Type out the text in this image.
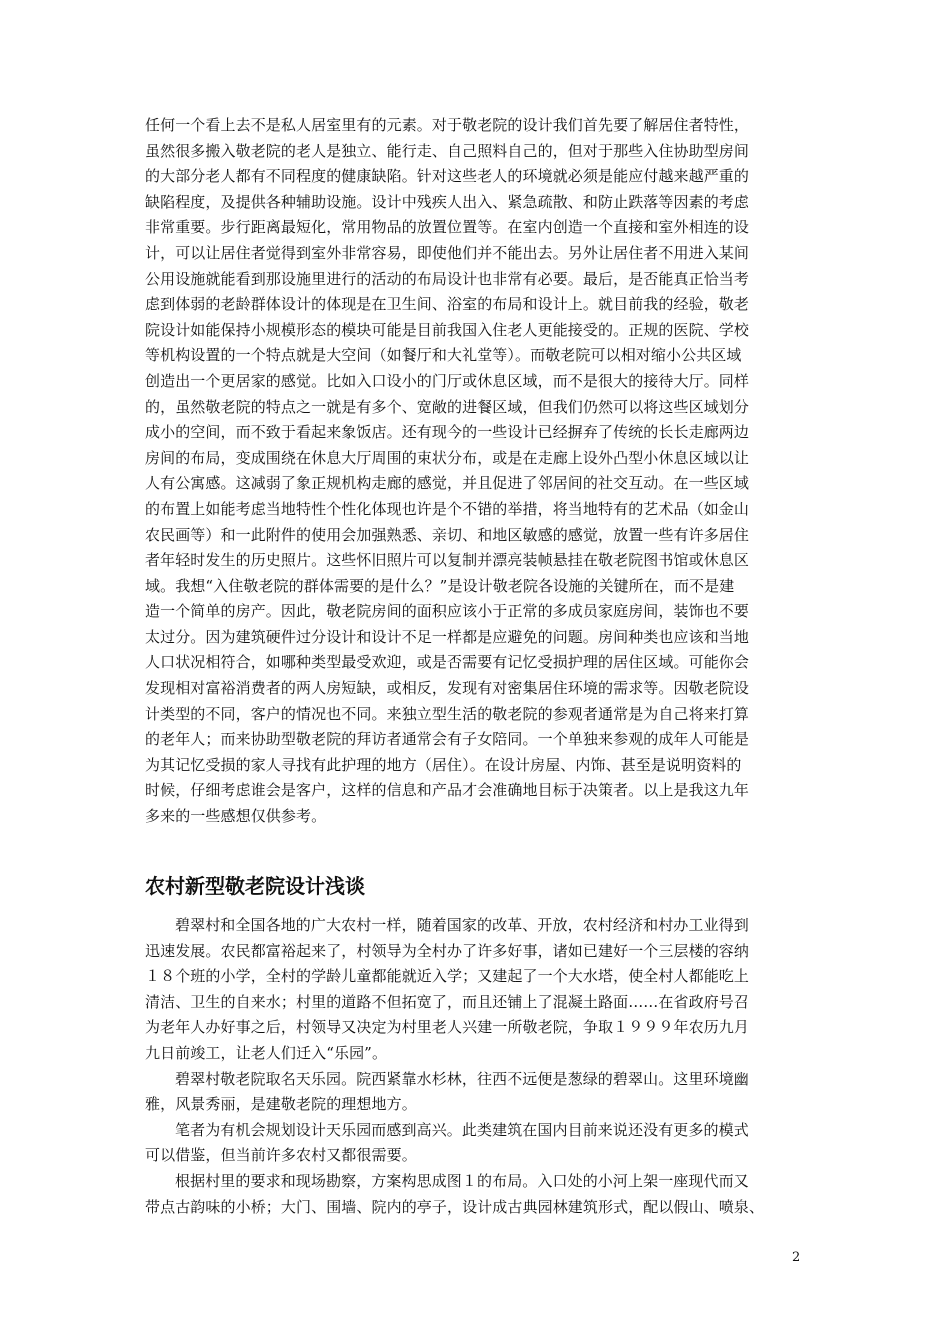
任何一个看上去不是私人居室里有的元素。对于敬老院的设计我们首先要了解居住者特性，
虽然很多搬入敬老院的老人是独立、能行走、自己照料自己的，但对于那些入住协助型房间
的大部分老人都有不同程度的健康缺陷。针对这些老人的环境就必须是能应付越来越严重的
缺陷程度，及提供各种辅助设施。设计中残疾人出入、紧急疏散、和防止跌落等因素的考虑
非常重要。步行距离最短化，常用物品的放置位置等。在室内创造一个直接和室外相连的设
计，可以让居住者觉得到室外非常容易，即使他们并不能出去。另外让居住者不用进入某间
公用设施就能看到那设施里进行的活动的布局设计也非常有必要。最后，是否能真正恰当考
虑到体弱的老龄群体设计的体现是在卫生间、浴室的布局和设计上。就目前我的经验，敬老
院设计如能保持小规模形态的模块可能是目前我国入住老人更能接受的。正规的医院、学校
等机构设置的一个特点就是大空间（如餐厅和大礼堂等）。而敬老院可以相对缩小公共区域
创造出一个更居家的感觉。比如入口设小的门厅或休息区域，而不是很大的接待大厅。同样
的，虽然敬老院的特点之一就是有多个、宽敞的进餐区域，但我们仍然可以将这些区域划分
成小的空间，而不致于看起来象饭店。还有现今的一些设计已经摒弃了传统的长长走廊两边
房间的布局，变成围绕在休息大厅周围的束状分布，或是在走廊上设外凸型小休息区域以让
人有公寓感。这减弱了象正规机构走廊的感觉，并且促进了邻居间的社交互动。在一些区域
的布置上如能考虑当地特性个性化体现也许是个不错的举措，将当地特有的艺术品（如金山
农民画等）和一此附件的使用会加强熟悉、亲切、和地区敏感的感觉，放置一些有许多居住
者年轻时发生的历史照片。这些怀旧照片可以复制并漂亮装帧悬挂在敬老院图书馆或休息区
域。我想“入住敬老院的群体需要的是什么？”是设计敬老院各设施的关键所在，而不是建
造一个简单的房产。因此，敬老院房间的面积应该小于正常的多成员家庭房间，装饰也不要
太过分。因为建筑硬件过分设计和设计不足一样都是应避免的问题。房间种类也应该和当地
人口状况相符合，如哪种类型最受欢迎，或是否需要有记忆受损护理的居住区域。可能你会
发现相对富裕消费者的两人房短缺，或相反，发现有对密集居住环境的需求等。因敬老院设
计类型的不同，客户的情况也不同。来独立型生活的敬老院的参观者通常是为自己将来打算
的老年人；而来协助型敬老院的拜访者通常会有子女陪同。一个单独来参观的成年人可能是
为其记忆受损的家人寻找有此护理的地方（居住）。在设计房屋、内饰、甚至是说明资料的
时候，仔细考虑谁会是客户，这样的信息和产品才会准确地目标于决策者。以上是我这九年
多来的一些感想仅供参考。
农村新型敬老院设计浅谈
碧翠村和全国各地的广大农村一样，随着国家的改革、开放，农村经济和村办工业得到
迅速发展。农民都富裕起来了，村领导为全村办了许多好事，诸如已建好一个三层楼的容纳
１８个班的小学，全村的学龄儿童都能就近入学；又建起了一个大水塔，使全村人都能吃上
清洁、卫生的自来水；村里的道路不但拓宽了，而且还铺上了混凝土路面……在省政府号召
为老年人办好事之后，村领导又决定为村里老人兴建一所敬老院，争取１９９９年农历九月
九日前竣工，让老人们迁入“乐园”。
碧翠村敬老院取名天乐园。院西紧靠水杉林，往西不远便是葱绿的碧翠山。这里环境幽
雅，风景秀丽，是建敬老院的理想地方。
笔者为有机会规划设计天乐园而感到高兴。此类建筑在国内目前来说还没有更多的模式
可以借鉴，但当前许多农村又都很需要。
根据村里的要求和现场勘察，方案构思成图１的布局。入口处的小河上架一座现代而又
带点古韵味的小桥；大门、围墙、院内的亭子，设计成古典园林建筑形式，配以假山、喷泉、
2
